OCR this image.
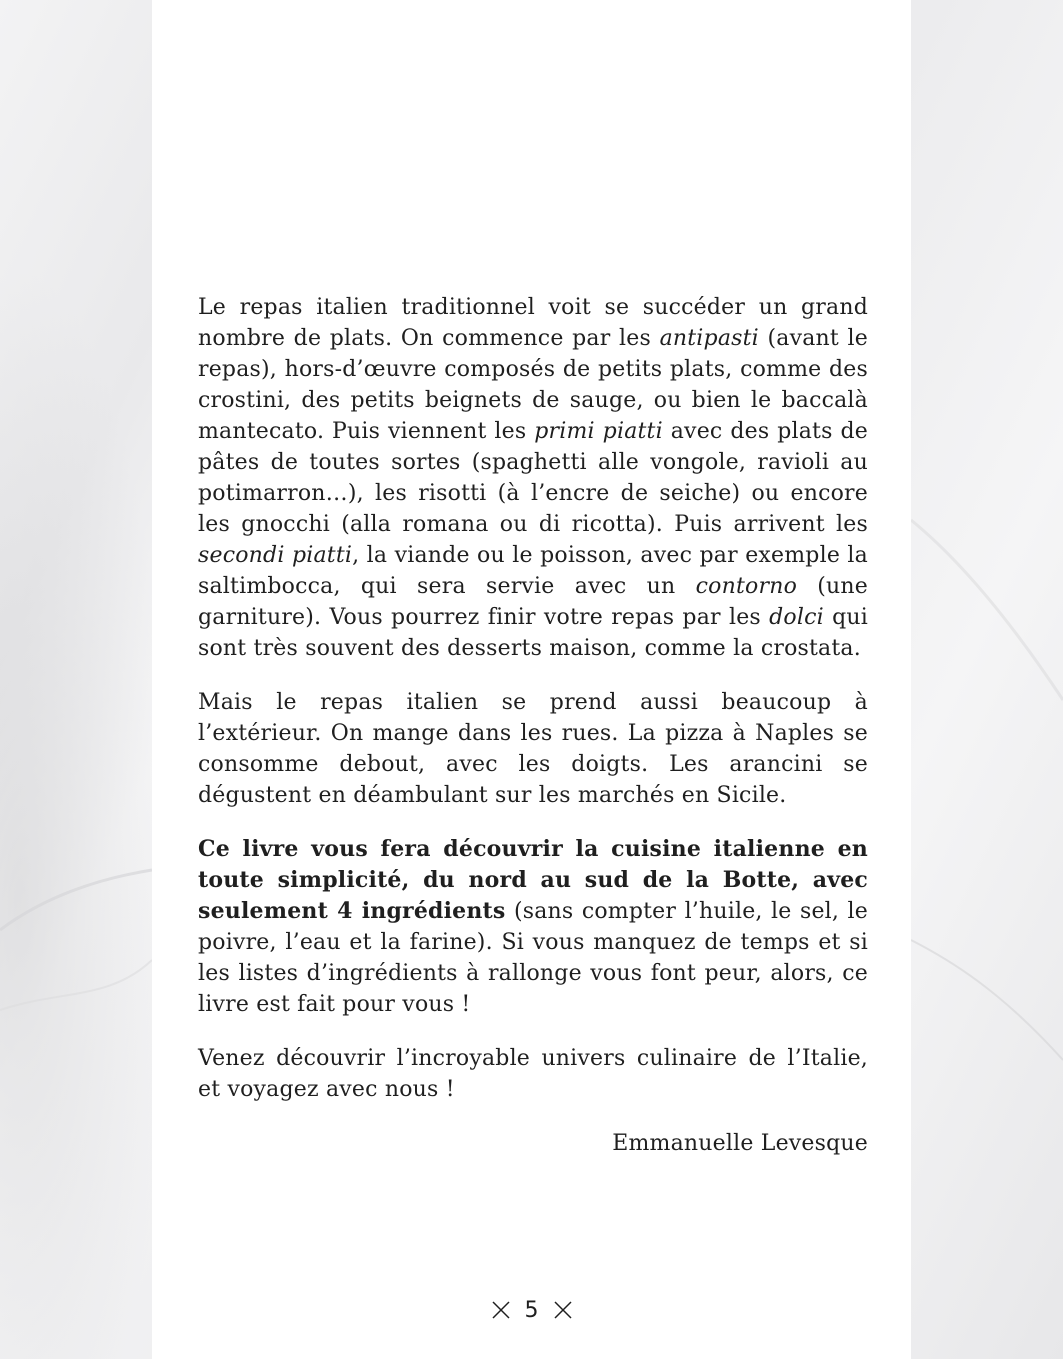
Le repas italien traditionnel voit se succéder un grand nombre de plats. On commence par les antipasti (avant le repas), hors-d’œuvre composés de petits plats, comme des crostini, des petits beignets de sauge, ou bien le baccalà mantecato. Puis viennent les primi piatti avec des plats de pâtes de toutes sortes (spaghetti alle vongole, ravioli au potimarron…), les risotti (à l’encre de seiche) ou encore les gnocchi (alla romana ou di ricotta). Puis arrivent les secondi piatti, la viande ou le poisson, avec par exemple la saltimbocca, qui sera servie avec un contorno (une garniture). Vous pourrez finir votre repas par les dolci qui sont très souvent des desserts maison, comme la crostata.

Mais le repas italien se prend aussi beaucoup à l’extérieur. On mange dans les rues. La pizza à Naples se consomme debout, avec les doigts. Les arancini se dégustent en déambulant sur les marchés en Sicile.

Ce livre vous fera découvrir la cuisine italienne en toute simplicité, du nord au sud de la Botte, avec seulement 4 ingrédients (sans compter l’huile, le sel, le poivre, l’eau et la farine). Si vous manquez de temps et si les listes d’ingrédients à rallonge vous font peur, alors, ce livre est fait pour vous !

Venez découvrir l’incroyable univers culinaire de l’Italie, et voyagez avec nous !

Emmanuelle Levesque
5
